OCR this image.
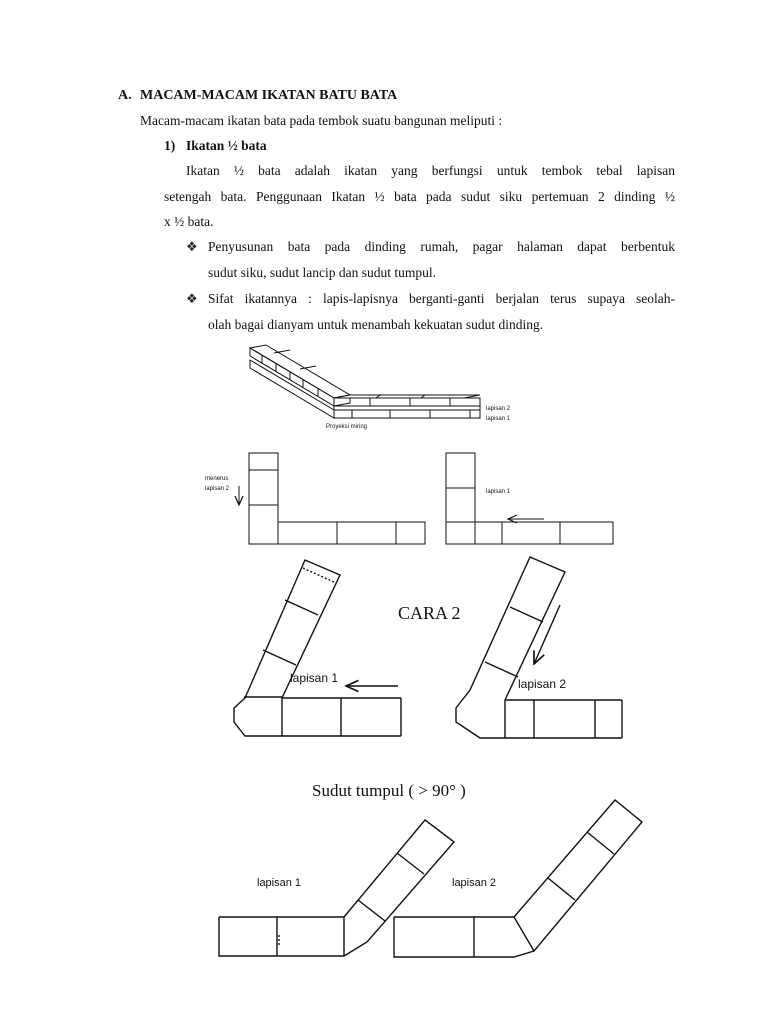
A. MACAM-MACAM IKATAN BATU BATA
Macam-macam ikatan bata pada tembok suatu bangunan meliputi :
1) Ikatan ½ bata
Ikatan ½ bata adalah ikatan yang berfungsi untuk tembok tebal lapisan
setengah bata. Penggunaan Ikatan ½ bata pada sudut siku pertemuan 2 dinding ½
x ½ bata.
❖ Penyusunan bata pada dinding rumah, pagar halaman dapat berbentuk
sudut siku, sudut lancip dan sudut tumpul.
❖ Sifat ikatannya : lapis-lapisnya berganti-ganti berjalan terus supaya seolah-
olah bagai dianyam untuk menambah kekuatan sudut dinding.
Proyeksi miring
lapisan 2
lapisan 1
menerus
lapisan 2	lapisan 1
lapisan 1
CARA 2
lapisan 2
Sudut tumpul ( > 90° )
lapisan 1	lapisan 2
